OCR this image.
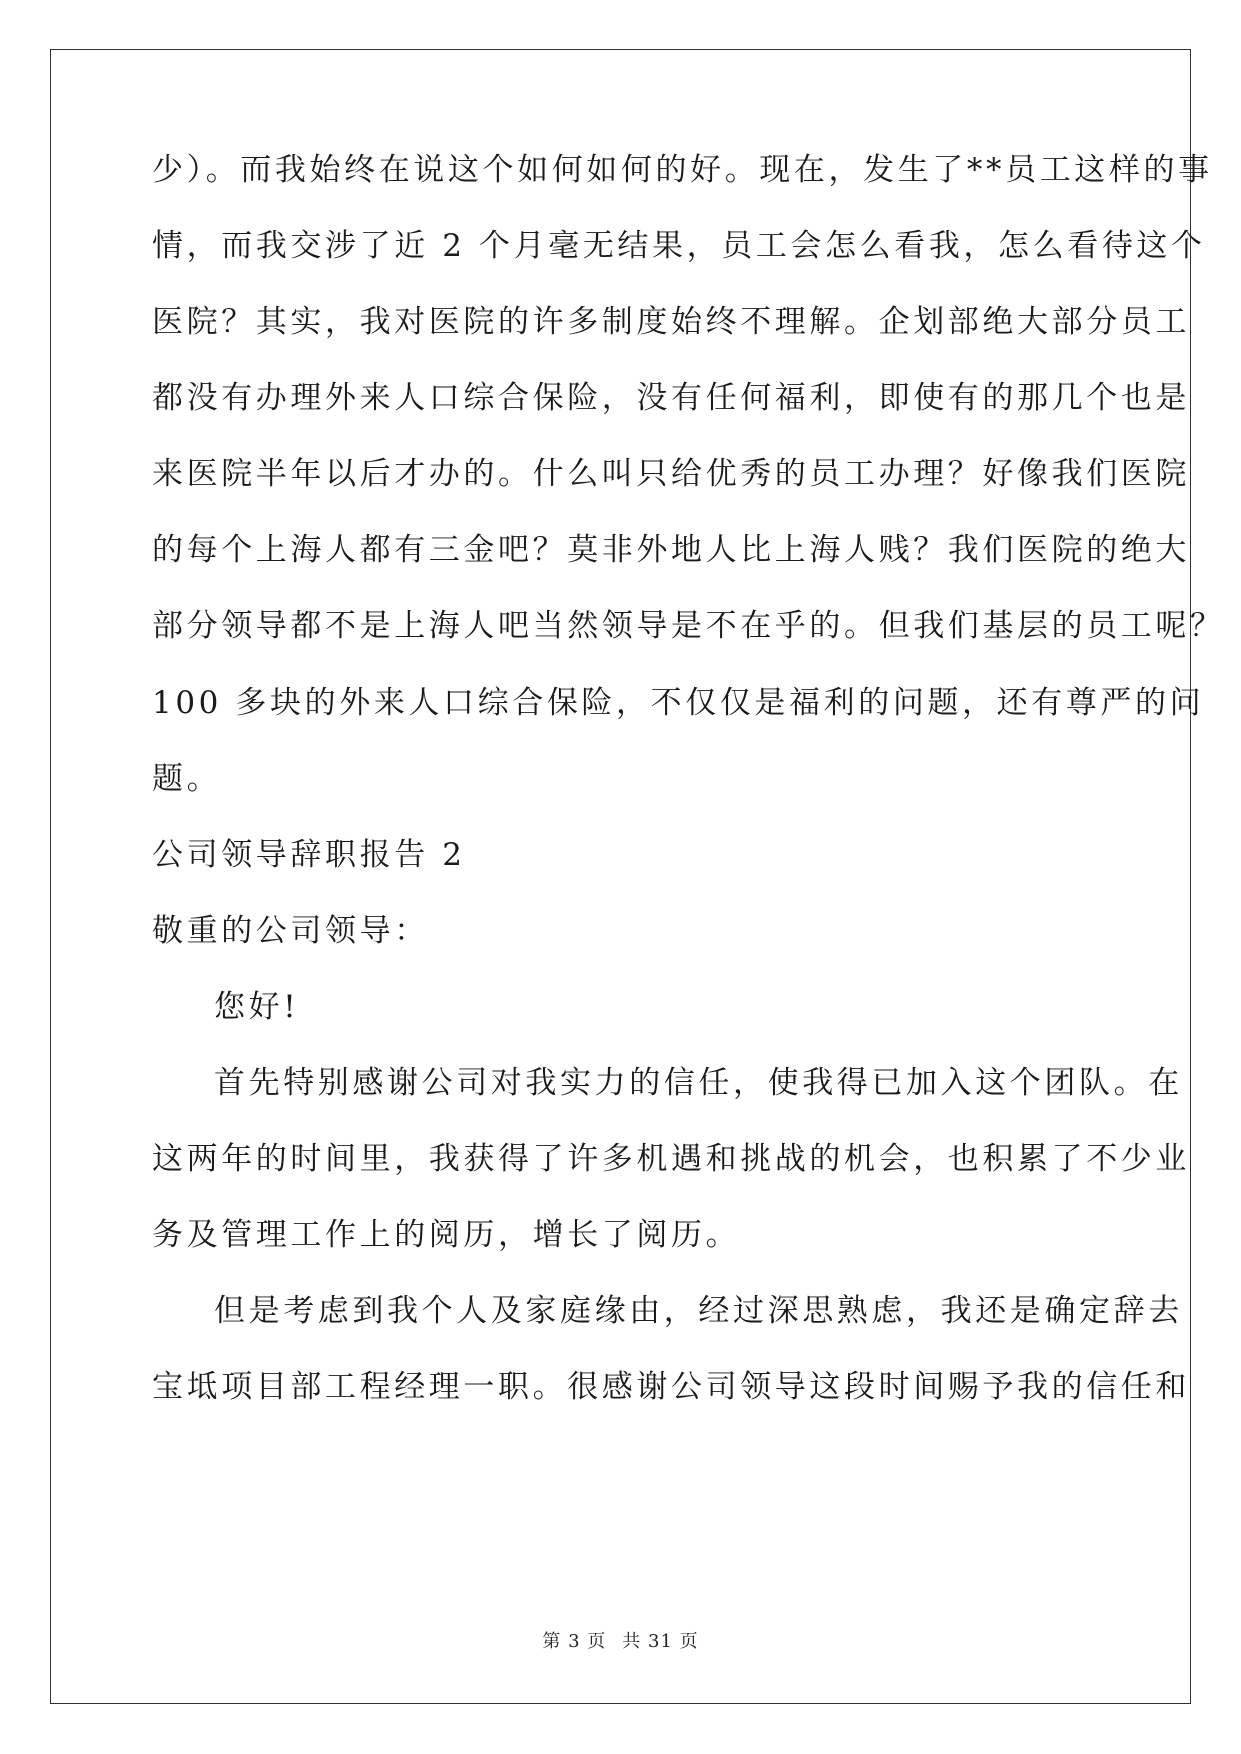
少）。而我始终在说这个如何如何的好。现在，发生了**员工这样的事
情，而我交涉了近 2 个月毫无结果，员工会怎么看我，怎么看待这个
医院？其实，我对医院的许多制度始终不理解。企划部绝大部分员工
都没有办理外来人口综合保险，没有任何福利，即使有的那几个也是
来医院半年以后才办的。什么叫只给优秀的员工办理？好像我们医院
的每个上海人都有三金吧？莫非外地人比上海人贱？我们医院的绝大
部分领导都不是上海人吧当然领导是不在乎的。但我们基层的员工呢？
100 多块的外来人口综合保险，不仅仅是福利的问题，还有尊严的问
题。
公司领导辞职报告 2
敬重的公司领导：
您好!
首先特别感谢公司对我实力的信任，使我得已加入这个团队。在
这两年的时间里，我获得了许多机遇和挑战的机会，也积累了不少业
务及管理工作上的阅历，增长了阅历。
但是考虑到我个人及家庭缘由，经过深思熟虑，我还是确定辞去
宝坻项目部工程经理一职。很感谢公司领导这段时间赐予我的信任和
第 3 页 共 31 页
